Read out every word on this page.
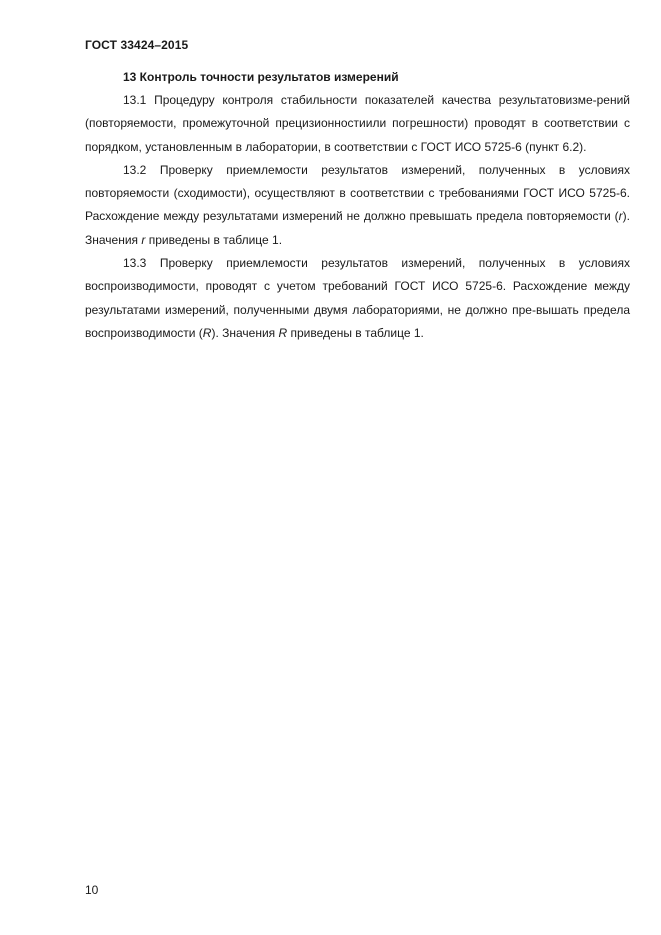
ГОСТ 33424–2015

13 Контроль точности результатов измерений

13.1 Процедуру контроля стабильности показателей качества результатовизме-рений (повторяемости, промежуточной прецизионностиили погрешности) проводят в соответствии с порядком, установленным в лаборатории, в соответствии с ГОСТ ИСО 5725-6 (пункт 6.2).

13.2 Проверку приемлемости результатов измерений, полученных в условиях повторяемости (сходимости), осуществляют в соответствии с требованиями ГОСТ ИСО 5725-6. Расхождение между результатами измерений не должно превышать предела повторяемости (r). Значения r приведены в таблице 1.

13.3 Проверку приемлемости результатов измерений, полученных в условиях воспроизводимости, проводят с учетом требований ГОСТ ИСО 5725-6. Расхождение между результатами измерений, полученными двумя лабораториями, не должно пре-вышать предела воспроизводимости (R). Значения R приведены в таблице 1.

10
